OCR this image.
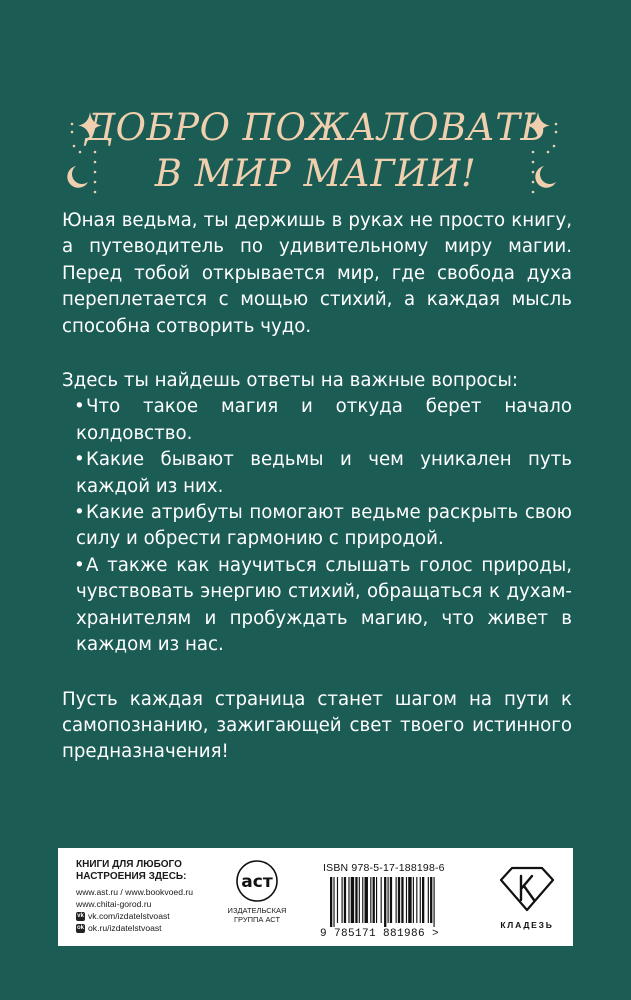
ДОБРО ПОЖАЛОВАТЬ
В МИР МАГИИ!

Юная ведьма, ты держишь в руках не просто книгу, а путеводитель по удивительному миру магии. Перед тобой открывается мир, где свобода духа переплетается с мощью стихий, а каждая мысль способна сотворить чудо.

Здесь ты найдешь ответы на важные вопросы:

•Что такое магия и откуда берет начало колдовство.
•Какие бывают ведьмы и чем уникален путь каждой из них.
•Какие атрибуты помогают ведьме раскрыть свою силу и обрести гармонию с природой.
•А также как научиться слышать голос природы, чувствовать энергию стихий, обращаться к духам-хранителям и пробуждать магию, что живет в каждом из нас.

Пусть каждая страница станет шагом на пути к самопознанию, зажигающей свет твоего истинного предназначения!

КНИГИ ДЛЯ ЛЮБОГО
НАСТРОЕНИЯ ЗДЕСЬ:
www.ast.ru / www.bookvoed.ru
www.chitai-gorod.ru
vk vk.com/izdatelstvoast
ok ok.ru/izdatelstvoast
аст
ИЗДАТЕЛЬСКАЯ
ГРУППА АСТ
ISBN 978-5-17-188198-6
9 785171 881986 >
КЛАДЕЗЬ
